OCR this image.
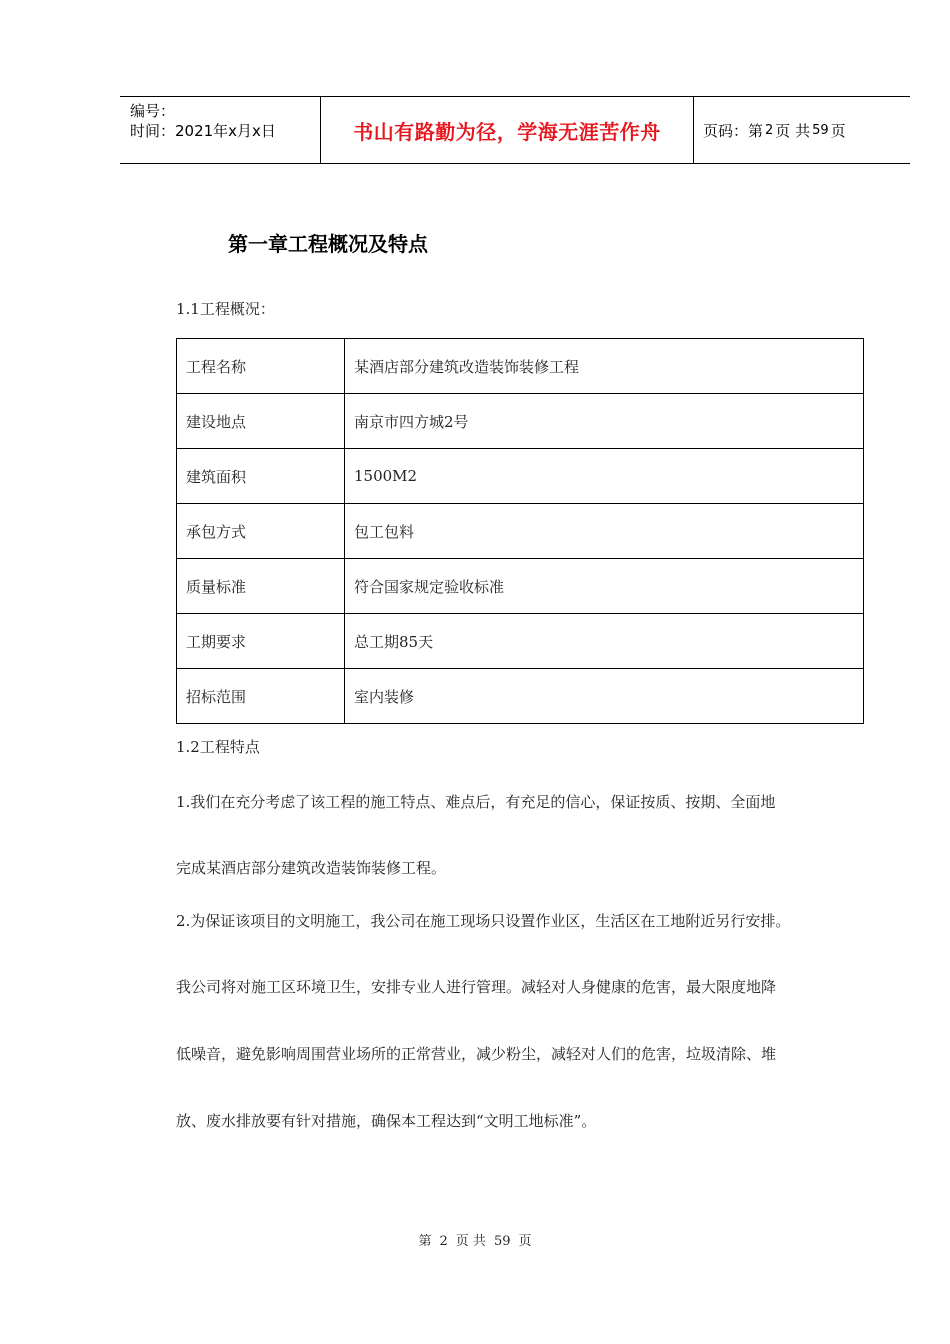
编号：
时间：2021年x月x日	书山有路勤为径，学海无涯苦作舟	页码：第 2 页 共 59 页
第一章工程概况及特点
1.1工程概况：
工程名称	某酒店部分建筑改造装饰装修工程
建设地点	南京市四方城2号
建筑面积	1500M2
承包方式	包工包料
质量标准	符合国家规定验收标准
工期要求	总工期85天
招标范围	室内装修
1.2工程特点
1.我们在充分考虑了该工程的施工特点、难点后，有充足的信心，保证按质、按期、全面地
完成某酒店部分建筑改造装饰装修工程。
2.为保证该项目的文明施工，我公司在施工现场只设置作业区，生活区在工地附近另行安排。
我公司将对施工区环境卫生，安排专业人进行管理。减轻对人身健康的危害，最大限度地降
低噪音，避免影响周围营业场所的正常营业，减少粉尘，减轻对人们的危害，垃圾清除、堆
放、废水排放要有针对措施，确保本工程达到“文明工地标准”。
第 2 页 共 59 页
